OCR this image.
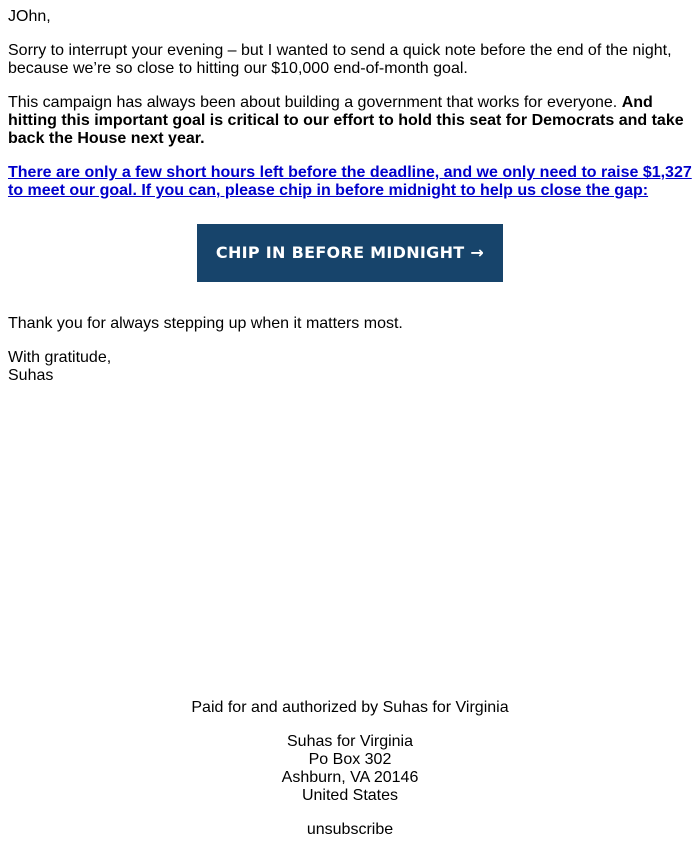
JOhn,

Sorry to interrupt your evening – but I wanted to send a quick note before the end of the night, because we’re so close to hitting our $10,000 end-of-month goal.

This campaign has always been about building a government that works for everyone. And hitting this important goal is critical to our effort to hold this seat for Democrats and take back the House next year.

There are only a few short hours left before the deadline, and we only need to raise $1,327 to meet our goal. If you can, please chip in before midnight to help us close the gap:

CHIP IN BEFORE MIDNIGHT →

Thank you for always stepping up when it matters most.

With gratitude,

Suhas

Paid for and authorized by Suhas for Virginia

Suhas for Virginia

Po Box 302

Ashburn, VA 20146

United States

unsubscribe
